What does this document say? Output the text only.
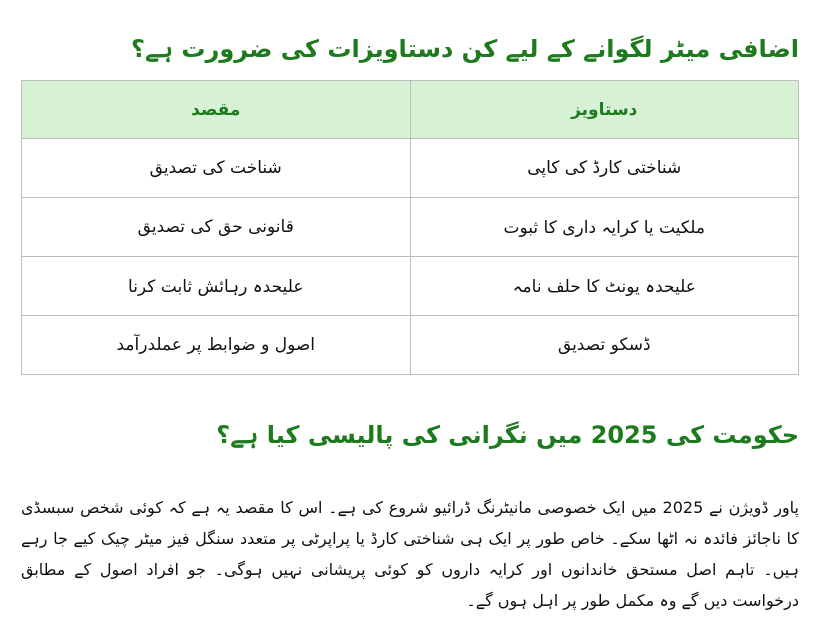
اضافی میٹر لگوانے کے لیے کن دستاویزات کی ضرورت ہے؟
دستاویز	مقصد
شناختی کارڈ کی کاپی	شناخت کی تصدیق
ملکیت یا کرایہ داری کا ثبوت	قانونی حق کی تصدیق
علیحدہ یونٹ کا حلف نامہ	علیحدہ رہائش ثابت کرنا
ڈسکو تصدیق	اصول و ضوابط پر عملدرآمد
حکومت کی 2025 میں نگرانی کی پالیسی کیا ہے؟

پاور ڈویژن نے 2025 میں ایک خصوصی مانیٹرنگ ڈرائیو شروع کی ہے۔ اس کا مقصد یہ ہے کہ کوئی شخص سبسڈی کا ناجائز فائدہ نہ اٹھا سکے۔ خاص طور پر ایک ہی شناختی کارڈ یا پراپرٹی پر متعدد سنگل فیز میٹر چیک کیے جا رہے ہیں۔ تاہم اصل مستحق خاندانوں اور کرایہ داروں کو کوئی پریشانی نہیں ہوگی۔ جو افراد اصول کے مطابق درخواست دیں گے وہ مکمل طور پر اہل ہوں گے۔
